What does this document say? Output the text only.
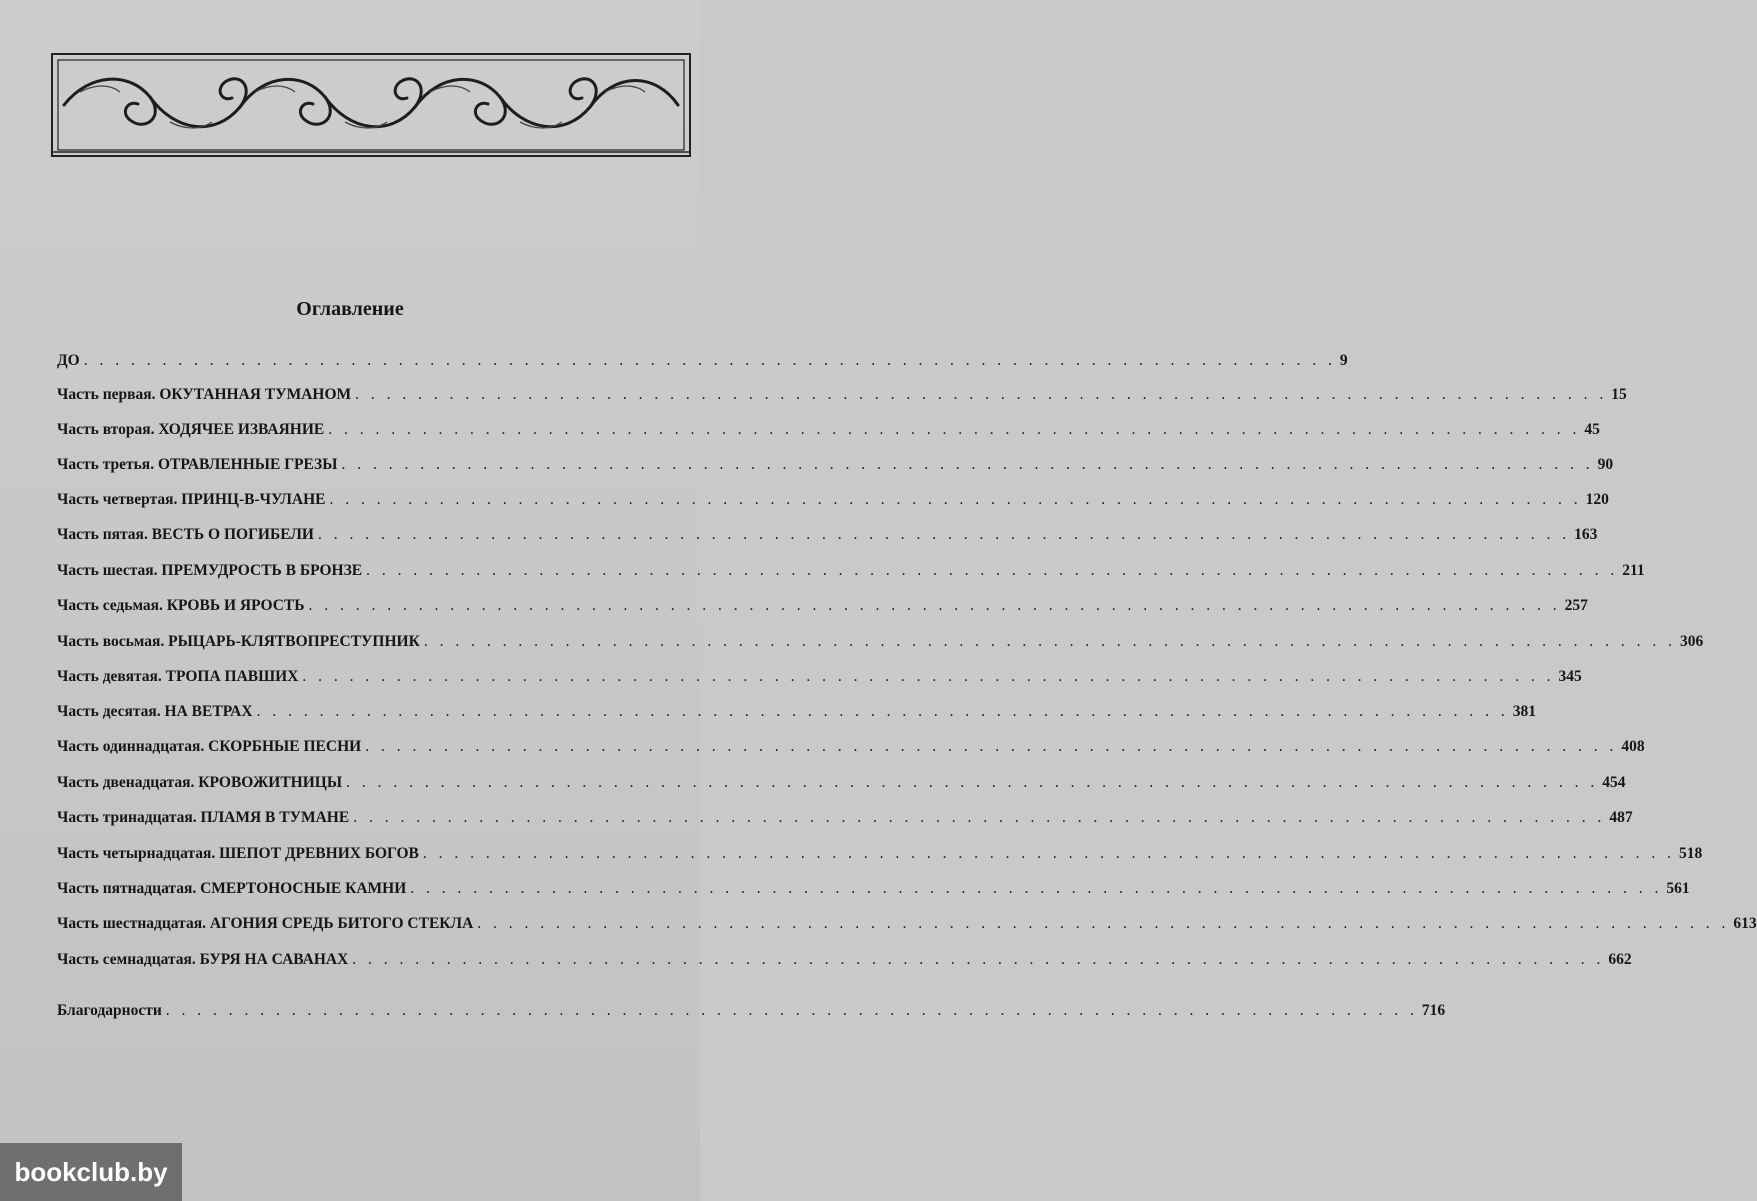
Оглавление
ДО . . . . . . . . . . . . . . . . . . . . . . . . . . . . . . . . . . . . . . . . . . . . . . . . . . . . . . . . . . . . . . . . . . . . . . . . . . . . . . . . 9
Часть первая. ОКУТАННАЯ ТУМАНОМ . . . . . . . . . . . . . . . . . . . . . . . . . . . . . . . . . . . . . . . . . . . . . . . . . . . . . . . . . . . . . . . . . . . . . . . . . . . . . . . . 15
Часть вторая. ХОДЯЧЕЕ ИЗВАЯНИЕ . . . . . . . . . . . . . . . . . . . . . . . . . . . . . . . . . . . . . . . . . . . . . . . . . . . . . . . . . . . . . . . . . . . . . . . . . . . . . . . . 45
Часть третья. ОТРАВЛЕННЫЕ ГРЕЗЫ . . . . . . . . . . . . . . . . . . . . . . . . . . . . . . . . . . . . . . . . . . . . . . . . . . . . . . . . . . . . . . . . . . . . . . . . . . . . . . . . 90
Часть четвертая. ПРИНЦ-В-ЧУЛАНЕ . . . . . . . . . . . . . . . . . . . . . . . . . . . . . . . . . . . . . . . . . . . . . . . . . . . . . . . . . . . . . . . . . . . . . . . . . . . . . . . . 120
Часть пятая. ВЕСТЬ О ПОГИБЕЛИ . . . . . . . . . . . . . . . . . . . . . . . . . . . . . . . . . . . . . . . . . . . . . . . . . . . . . . . . . . . . . . . . . . . . . . . . . . . . . . . . 163
Часть шестая. ПРЕМУДРОСТЬ В БРОНЗЕ . . . . . . . . . . . . . . . . . . . . . . . . . . . . . . . . . . . . . . . . . . . . . . . . . . . . . . . . . . . . . . . . . . . . . . . . . . . . . . . . 211
Часть седьмая. КРОВЬ И ЯРОСТЬ . . . . . . . . . . . . . . . . . . . . . . . . . . . . . . . . . . . . . . . . . . . . . . . . . . . . . . . . . . . . . . . . . . . . . . . . . . . . . . . . 257
Часть восьмая. РЫЦАРЬ-КЛЯТВОПРЕСТУПНИК . . . . . . . . . . . . . . . . . . . . . . . . . . . . . . . . . . . . . . . . . . . . . . . . . . . . . . . . . . . . . . . . . . . . . . . . . . . . . . . . 306
Часть девятая. ТРОПА ПАВШИХ . . . . . . . . . . . . . . . . . . . . . . . . . . . . . . . . . . . . . . . . . . . . . . . . . . . . . . . . . . . . . . . . . . . . . . . . . . . . . . . . 345
Часть десятая. НА ВЕТРАХ . . . . . . . . . . . . . . . . . . . . . . . . . . . . . . . . . . . . . . . . . . . . . . . . . . . . . . . . . . . . . . . . . . . . . . . . . . . . . . . . 381
Часть одиннадцатая. СКОРБНЫЕ ПЕСНИ . . . . . . . . . . . . . . . . . . . . . . . . . . . . . . . . . . . . . . . . . . . . . . . . . . . . . . . . . . . . . . . . . . . . . . . . . . . . . . . . 408
Часть двенадцатая. КРОВОЖИТНИЦЫ . . . . . . . . . . . . . . . . . . . . . . . . . . . . . . . . . . . . . . . . . . . . . . . . . . . . . . . . . . . . . . . . . . . . . . . . . . . . . . . . 454
Часть тринадцатая. ПЛАМЯ В ТУМАНЕ . . . . . . . . . . . . . . . . . . . . . . . . . . . . . . . . . . . . . . . . . . . . . . . . . . . . . . . . . . . . . . . . . . . . . . . . . . . . . . . . 487
Часть четырнадцатая. ШЕПОТ ДРЕВНИХ БОГОВ . . . . . . . . . . . . . . . . . . . . . . . . . . . . . . . . . . . . . . . . . . . . . . . . . . . . . . . . . . . . . . . . . . . . . . . . . . . . . . . . 518
Часть пятнадцатая. СМЕРТОНОСНЫЕ КАМНИ . . . . . . . . . . . . . . . . . . . . . . . . . . . . . . . . . . . . . . . . . . . . . . . . . . . . . . . . . . . . . . . . . . . . . . . . . . . . . . . . 561
Часть шестнадцатая. АГОНИЯ СРЕДЬ БИТОГО СТЕКЛА . . . . . . . . . . . . . . . . . . . . . . . . . . . . . . . . . . . . . . . . . . . . . . . . . . . . . . . . . . . . . . . . . . . . . . . . . . . . . . . . 613
Часть семнадцатая. БУРЯ НА САВАНАХ . . . . . . . . . . . . . . . . . . . . . . . . . . . . . . . . . . . . . . . . . . . . . . . . . . . . . . . . . . . . . . . . . . . . . . . . . . . . . . . . 662
Благодарности . . . . . . . . . . . . . . . . . . . . . . . . . . . . . . . . . . . . . . . . . . . . . . . . . . . . . . . . . . . . . . . . . . . . . . . . . . . . . . . . 716
bookclub.by
